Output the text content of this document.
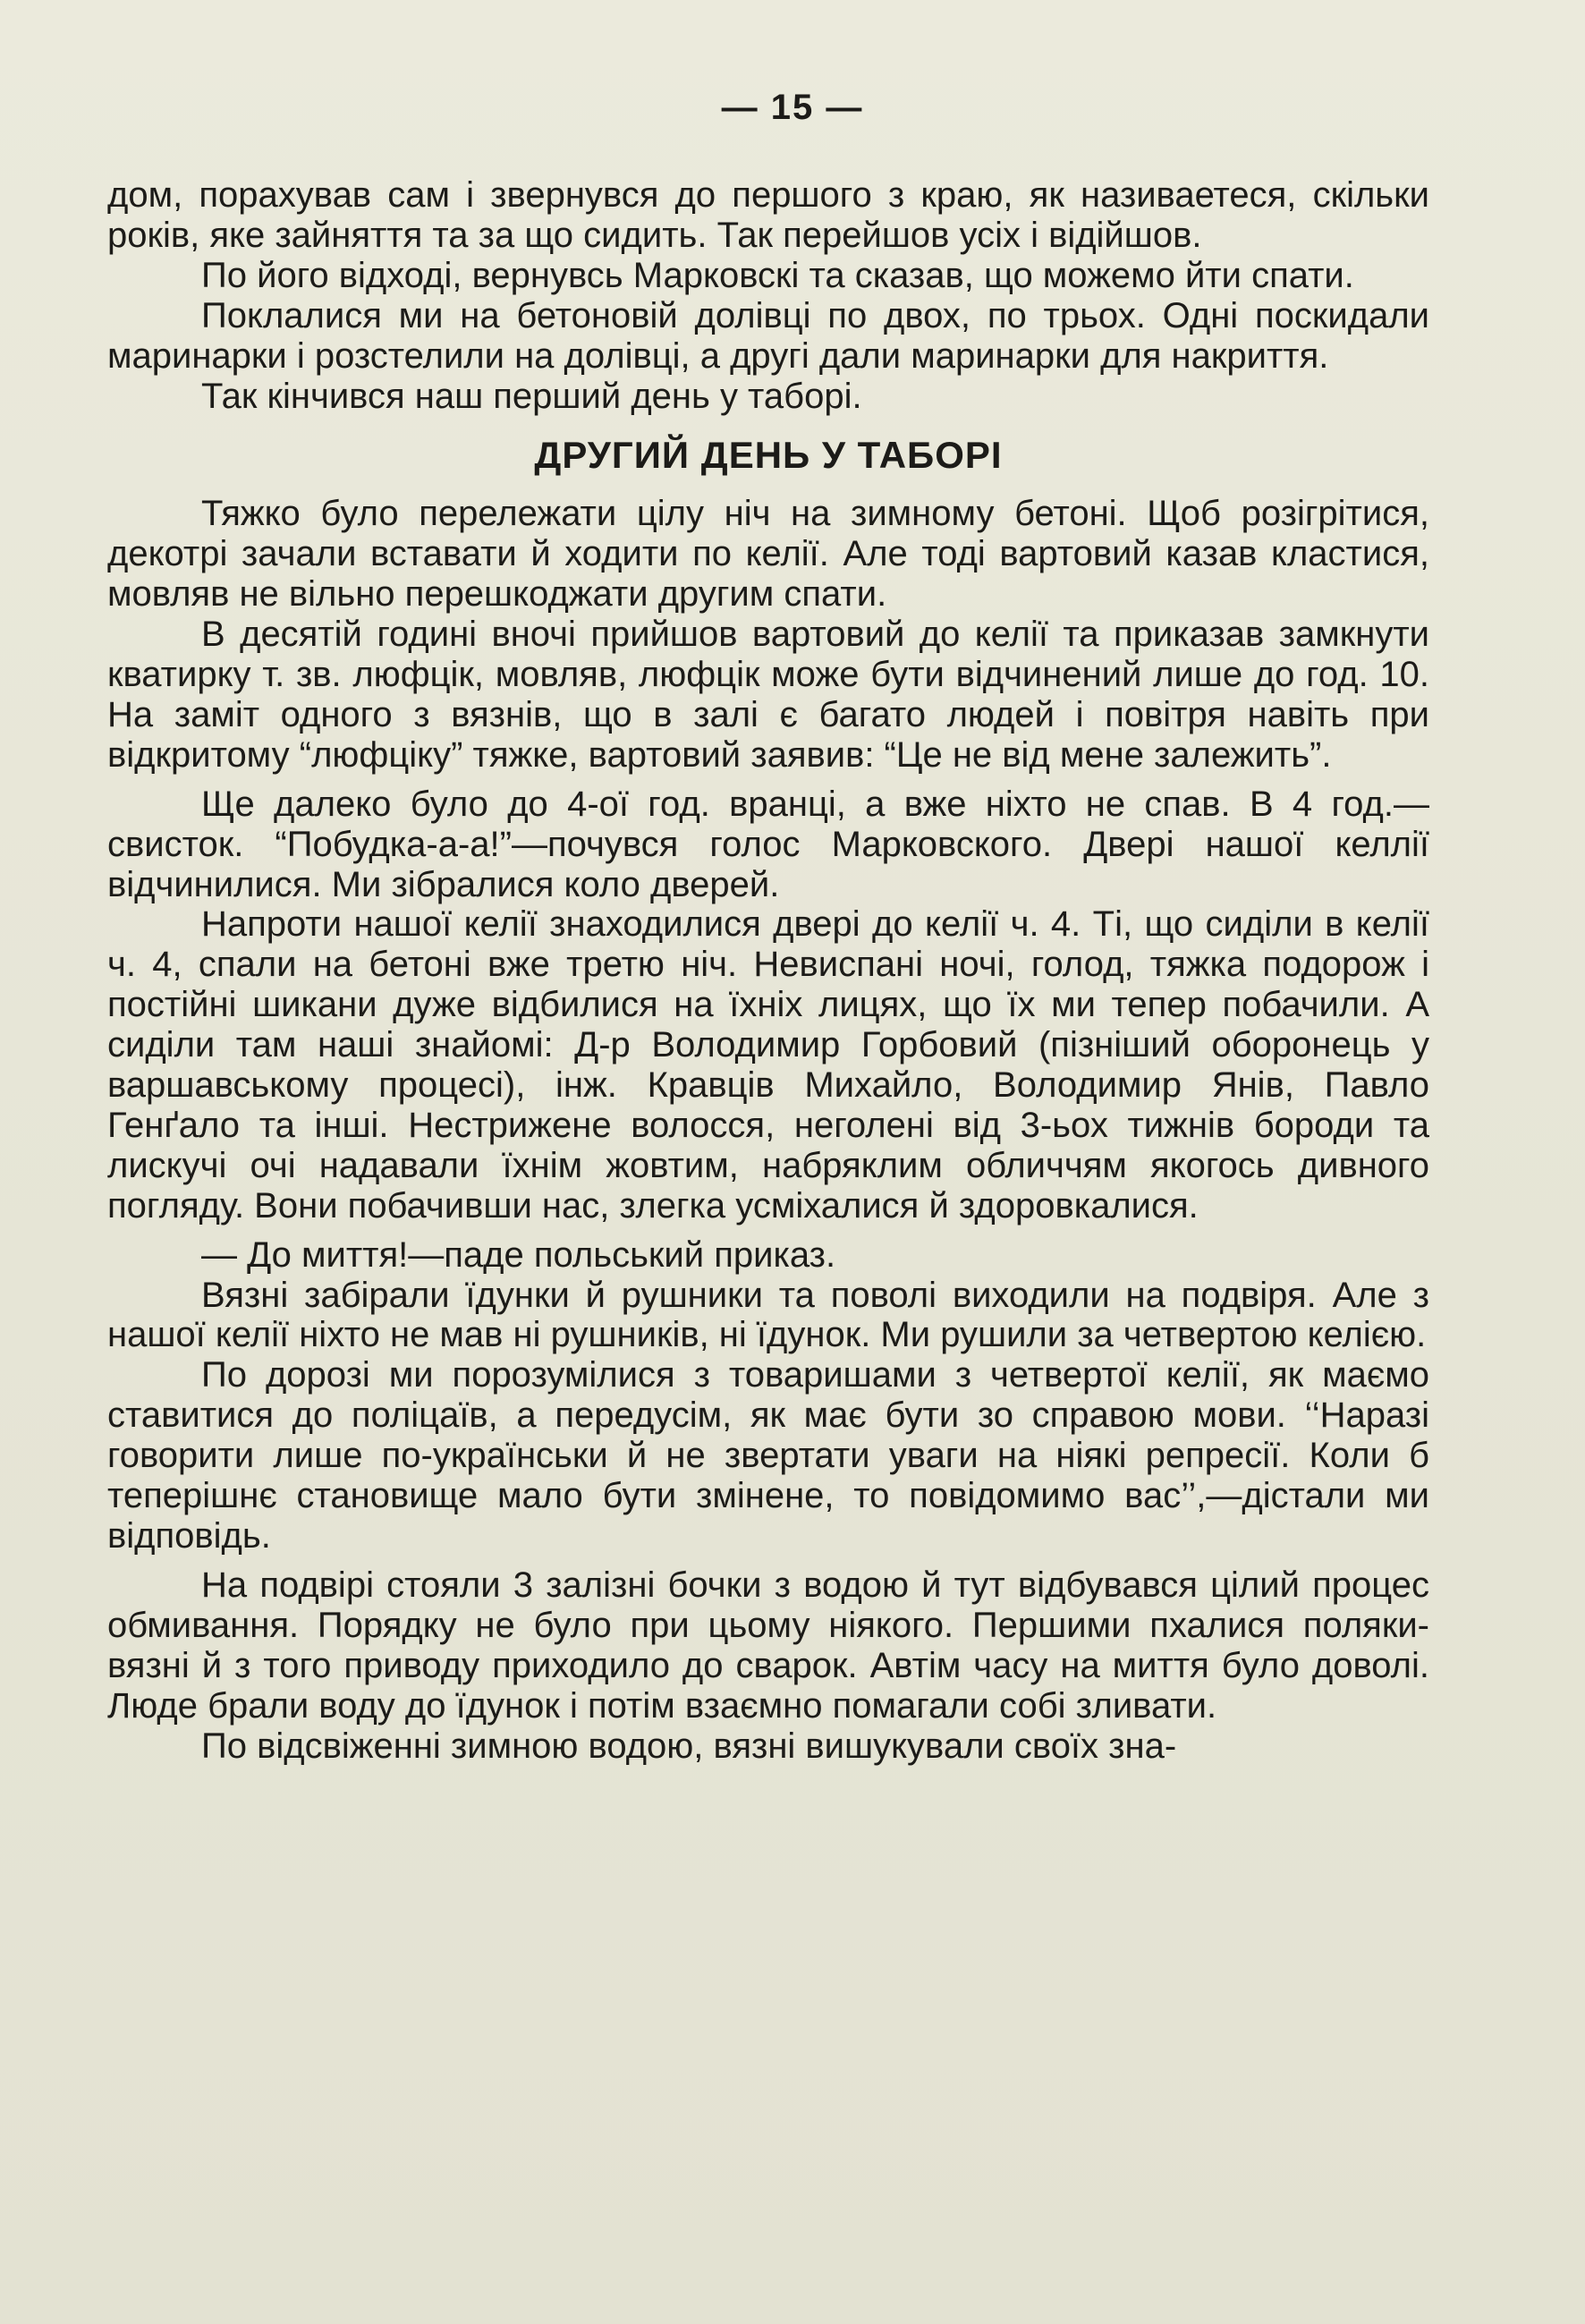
— 15 —

дом, порахував сам і звернувся до першого з краю, як називаетеся, скільки років, яке зайняття та за що сидить. Так перейшов усіх і відійшов.

По його відході, вернувсь Марковскі та сказав, що можемо йти спати.

Поклалися ми на бетоновій долівці по двох, по трьох. Одні поскидали маринарки і розстелили на долівці, а другі дали маринарки для накриття.

Так кінчився наш перший день у таборі.

ДРУГИЙ ДЕНЬ У ТАБОРІ

Тяжко було перележати цілу ніч на зимному бетоні. Щоб розігрітися, декотрі зачали вставати й ходити по келії. Але тоді вартовий казав кластися, мовляв не вільно перешкоджати другим спати.

В десятій годині вночі прийшов вартовий до келії та приказав замкнути кватирку т. зв. люфцік, мовляв, люфцік може бути відчинений лише до год. 10. На заміт одного з вязнів, що в залі є багато людей і повітря навіть при відкритому “люфціку” тяжке, вартовий заявив: “Це не від мене залежить”.

Ще далеко було до 4-ої год. вранці, а вже ніхто не спав. В 4 год.—свисток. “Побудка-а-а!”—почувся голос Марковского. Двері нашої келлії відчинилися. Ми зібралися коло дверей.

Напроти нашої келії знаходилися двері до келії ч. 4. Ті, що сиділи в келії ч. 4, спали на бетоні вже третю ніч. Невиспані ночі, голод, тяжка подорож і постійні шикани дуже відбилися на їхніх лицях, що їх ми тепер побачили. А сиділи там наші знайомі: Д-р Володимир Горбовий (пізніший оборонець у варшавському процесі), інж. Кравців Михайло, Володимир Янів, Павло Генґало та інші. Нестрижене волосся, неголені від 3-ьох тижнів бороди та лискучі очі надавали їхнім жовтим, набряклим обличчям якогось дивного погляду. Вони побачивши нас, злегка усміхалися й здоровкалися.

— До миття!—паде польський приказ.

Вязні забірали їдунки й рушники та поволі виходили на подвіря. Але з нашої келії ніхто не мав ні рушників, ні їдунок. Ми рушили за четвертою келією.

По дорозі ми порозумілися з товаришами з четвертої келії, як маємо ставитися до поліцаїв, а передусім, як має бути зо справою мови. ‘‘Наразі говорити лише по-українськи й не звертати уваги на ніякі репресії. Коли б теперішнє становище мало бути змінене, то повідомимо вас’’,—дістали ми відповідь.

На подвірі стояли 3 залізні бочки з водою й тут відбувався цілий процес обмивання. Порядку не було при цьому ніякого. Першими пхалися поляки-вязні й з того приводу приходило до сварок. Автім часу на миття було доволі. Люде брали воду до їдунок і потім взаємно помагали собі зливати.

По відсвіженні зимною водою, вязні вишукували своїх зна-
